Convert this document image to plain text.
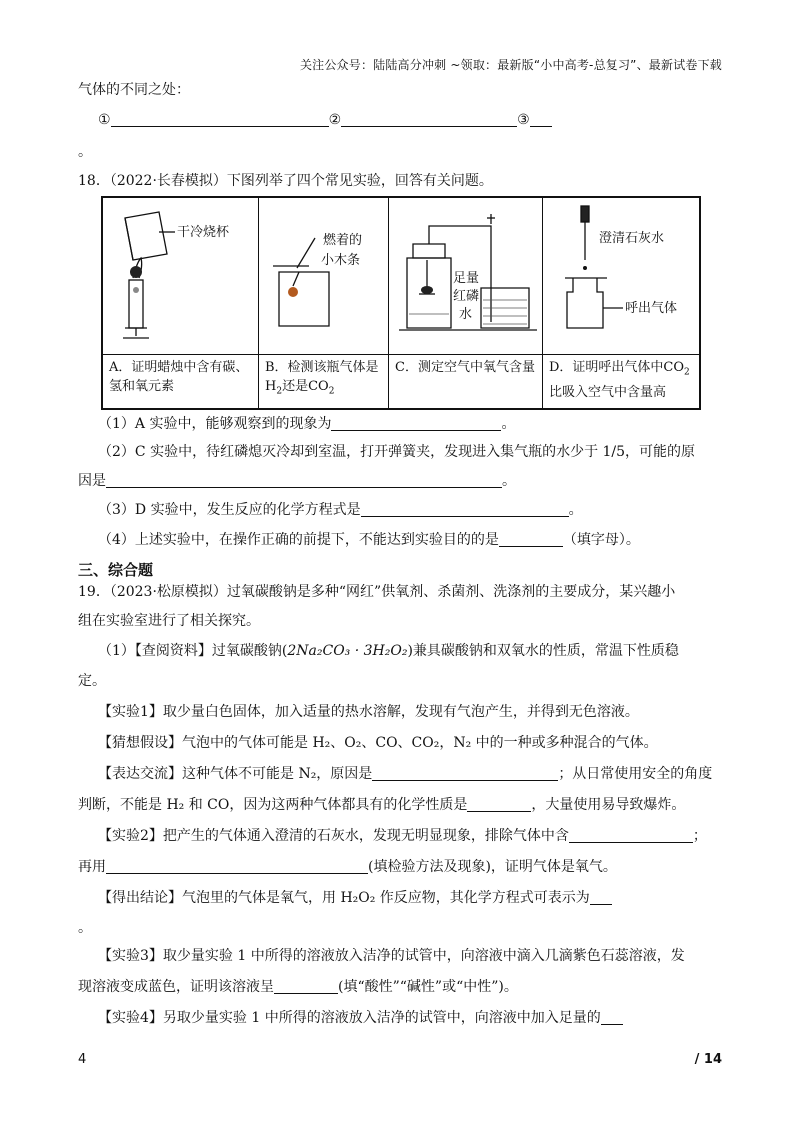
关注公众号：陆陆高分冲刺 ~领取：最新版“小中高考-总复习”、最新试卷下载
气体的不同之处：
①	②	③
。
18．（2022·长春模拟）下图列举了四个常见实验，回答有关问题。
干冷烧杯
A．证明蜡烛中含有碳、氢和氧元素
燃着的
小木条
B．检测该瓶气体是$H_2$还是$CO_2$
足量
红磷
水
C．测定空气中氧气含量
澄清石灰水
呼出气体
D．证明呼出气体中$CO_2$比吸入空气中含量高
（1）A 实验中，能够观察到的现象为	。
（2）C 实验中，待红磷熄灭冷却到室温，打开弹簧夹，发现进入集气瓶的水少于 1/5，可能的原
因是	。
（3）D 实验中，发生反应的化学方程式是	。
（4）上述实验中，在操作正确的前提下，不能达到实验目的的是	（填字母）。
三、综合题
19．（2023·松原模拟）过氧碳酸钠是多种“网红”供氧剂、杀菌剂、洗涤剂的主要成分，某兴趣小
组在实验室进行了相关探究。
（1）【查阅资料】过氧碳酸钠(2Na₂CO₃ · 3H₂O₂)兼具碳酸钠和双氧水的性质，常温下性质稳
定。
【实验1】取少量白色固体，加入适量的热水溶解，发现有气泡产生，并得到无色溶液。
【猜想假设】气泡中的气体可能是 H₂、O₂、CO、CO₂，N₂ 中的一种或多种混合的气体。
【表达交流】这种气体不可能是 N₂，原因是	；从日常使用安全的角度
判断，不能是 H₂ 和 CO，因为这两种气体都具有的化学性质是	，大量使用易导致爆炸。
【实验2】把产生的气体通入澄清的石灰水，发现无明显现象，排除气体中含	；
再用	(填检验方法及现象)，证明气体是氧气。
【得出结论】气泡里的气体是氧气，用 H₂O₂ 作反应物，其化学方程式可表示为
。
【实验3】取少量实验 1 中所得的溶液放入洁净的试管中，向溶液中滴入几滴紫色石蕊溶液，发
现溶液变成蓝色，证明该溶液呈	(填“酸性”“碱性”或“中性”)。
【实验4】另取少量实验 1 中所得的溶液放入洁净的试管中，向溶液中加入足量的
4	/ 14
